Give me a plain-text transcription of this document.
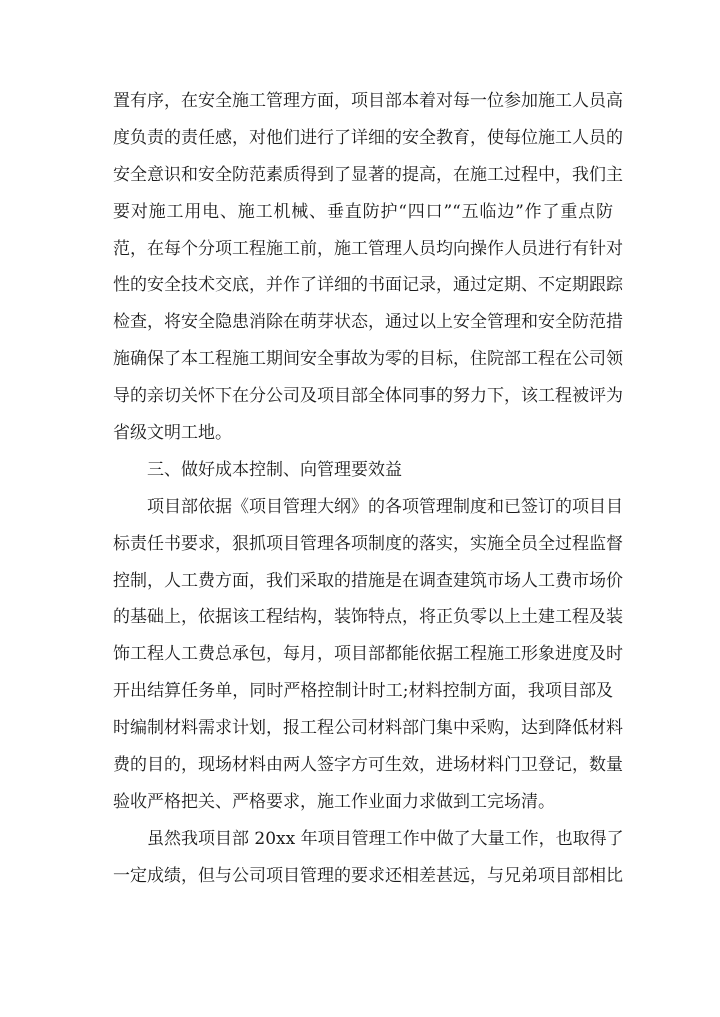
置有序，在安全施工管理方面，项目部本着对每一位参加施工人员高
度负责的责任感，对他们进行了详细的安全教育，使每位施工人员的
安全意识和安全防范素质得到了显著的提高，在施工过程中，我们主
要对施工用电、施工机械、垂直防护“四口”“五临边”作了重点防
范，在每个分项工程施工前，施工管理人员均向操作人员进行有针对
性的安全技术交底，并作了详细的书面记录，通过定期、不定期跟踪
检查，将安全隐患消除在萌芽状态，通过以上安全管理和安全防范措
施确保了本工程施工期间安全事故为零的目标，住院部工程在公司领
导的亲切关怀下在分公司及项目部全体同事的努力下，该工程被评为
省级文明工地。
三、做好成本控制、向管理要效益
项目部依据《项目管理大纲》的各项管理制度和已签订的项目目
标责任书要求，狠抓项目管理各项制度的落实，实施全员全过程监督
控制，人工费方面，我们采取的措施是在调查建筑市场人工费市场价
的基础上，依据该工程结构，装饰特点，将正负零以上土建工程及装
饰工程人工费总承包，每月，项目部都能依据工程施工形象进度及时
开出结算任务单，同时严格控制计时工;材料控制方面，我项目部及
时编制材料需求计划，报工程公司材料部门集中采购，达到降低材料
费的目的，现场材料由两人签字方可生效，进场材料门卫登记，数量
验收严格把关、严格要求，施工作业面力求做到工完场清。
虽然我项目部 20xx 年项目管理工作中做了大量工作，也取得了
一定成绩，但与公司项目管理的要求还相差甚远，与兄弟项目部相比
